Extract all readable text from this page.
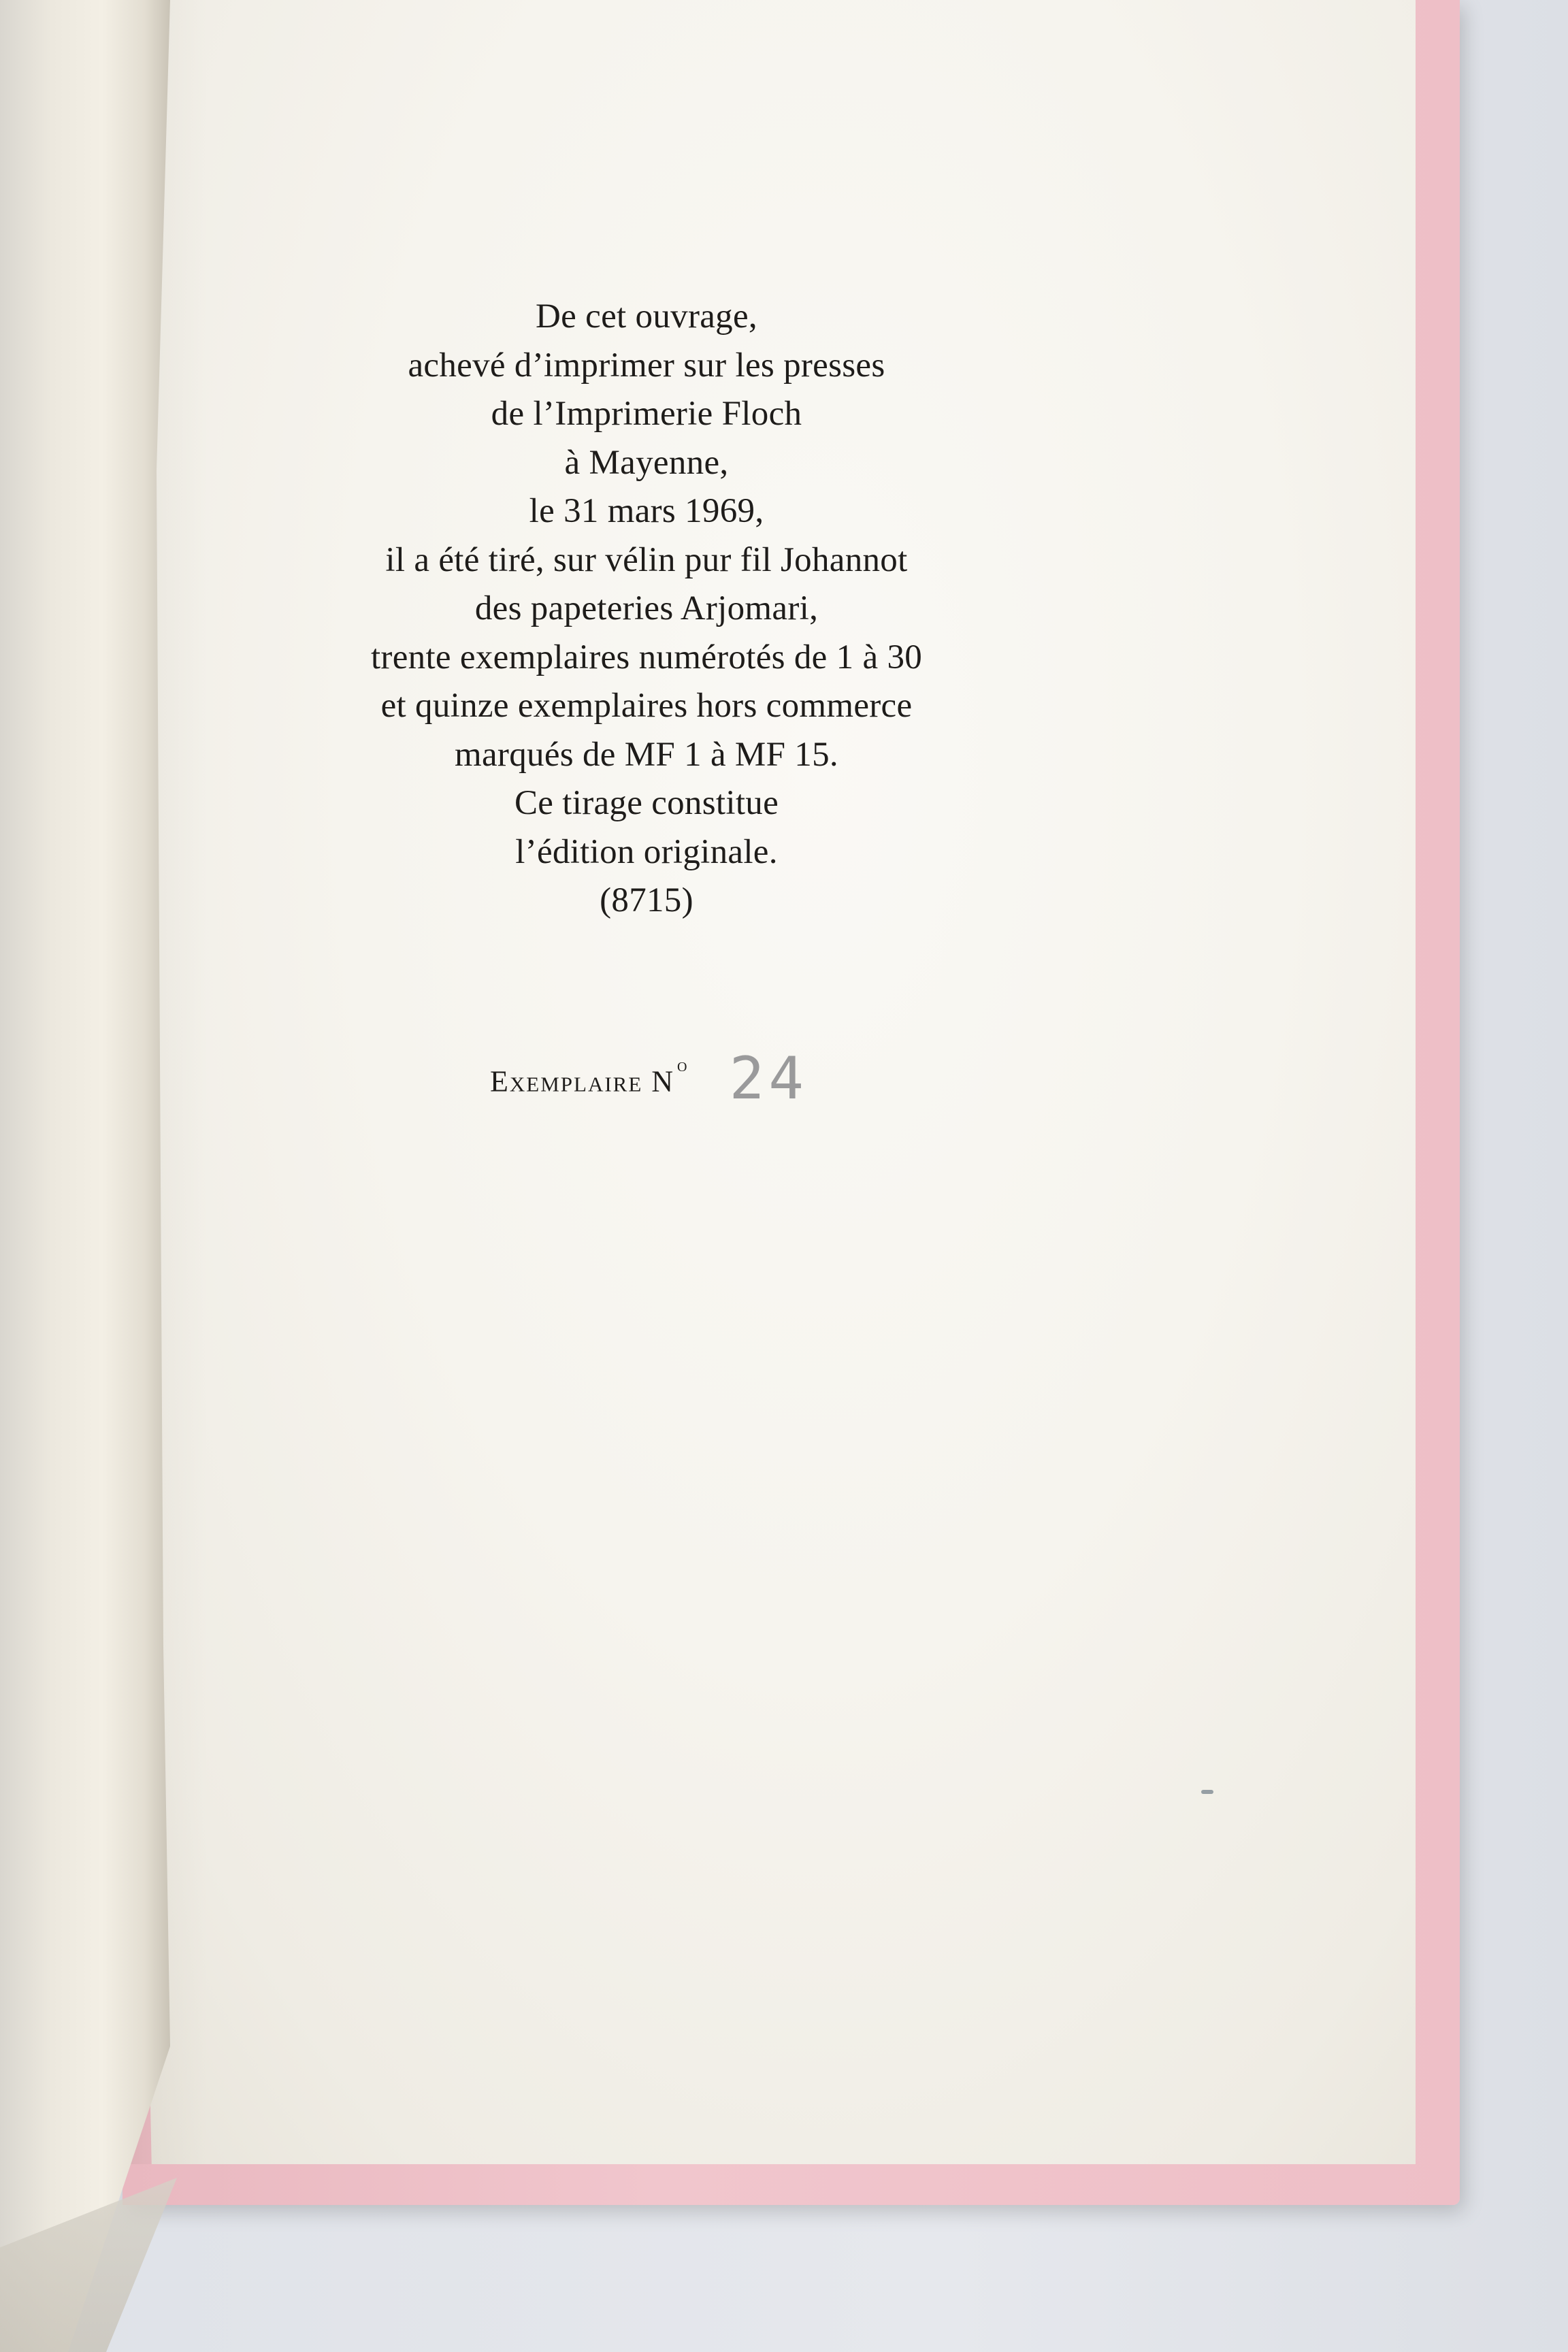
De cet ouvrage,
achevé d’imprimer sur les presses
de l’Imprimerie Floch
à Mayenne,
le 31 mars 1969,
il a été tiré, sur vélin pur fil Johannot
des papeteries Arjomari,
trente exemplaires numérotés de 1 à 30
et quinze exemplaires hors commerce
marqués de MF 1 à MF 15.
Ce tirage constitue
l’édition originale.
(8715)
Exemplaire N $^o$ 24
